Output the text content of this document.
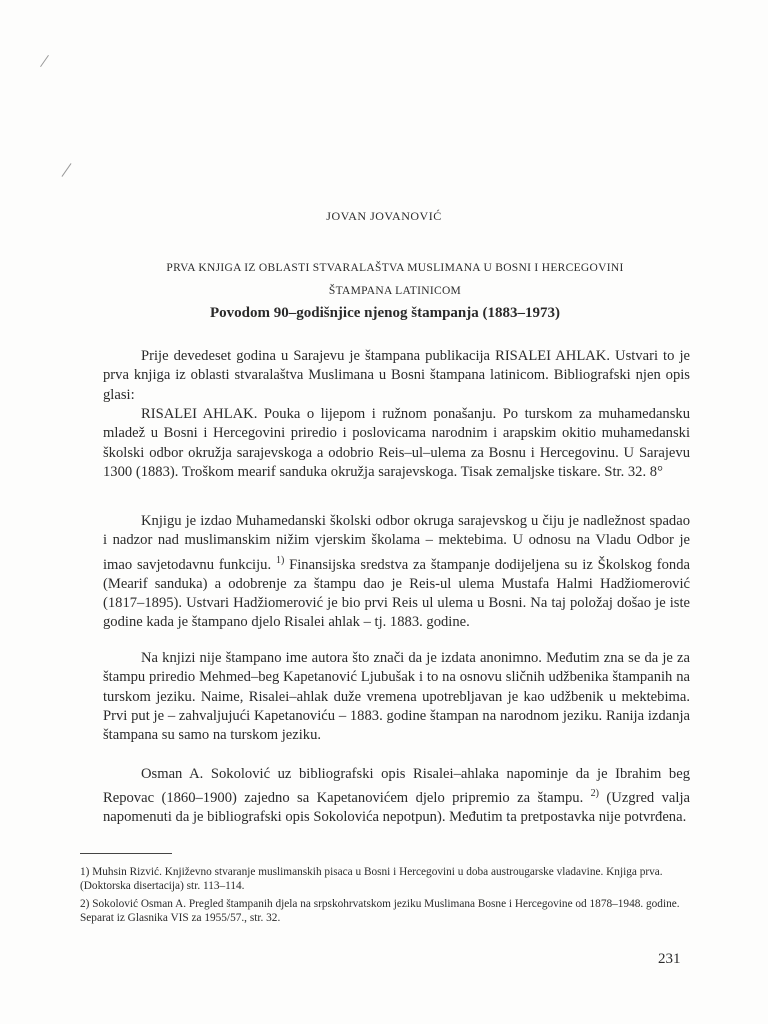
JOVAN JOVANOVIĆ
PRVA KNJIGA IZ OBLASTI STVARALAŠTVA MUSLIMANA U BOSNI I HERCEGOVINI
ŠTAMPANA LATINICOM
Povodom 90–godišnjice njenog štampanja (1883–1973)

Prije devedeset godina u Sarajevu je štampana publikacija RISALEI AHLAK. Ustvari to je prva knjiga iz oblasti stvaralaštva Muslimana u Bosni štampana latinicom. Bibliografski njen opis glasi:

RISALEI AHLAK. Pouka o lijepom i ružnom ponašanju. Po turskom za muhamedansku mladež u Bosni i Hercegovini priredio i poslovicama narodnim i arapskim okitio muhamedanski školski odbor okružja sarajevskoga a odobrio Reis–ul–ulema za Bosnu i Hercegovinu. U Sarajevu 1300 (1883). Troškom mearif sanduka okružja sarajevskoga. Tisak zemaljske tiskare. Str. 32. 8°

Knjigu je izdao Muhamedanski školski odbor okruga sarajevskog u čiju je nadležnost spadao i nadzor nad muslimanskim nižim vjerskim školama – mektebima. U odnosu na Vladu Odbor je imao savjetodavnu funkciju. $^{1)}$ Finansijska sredstva za štampanje dodijeljena su iz Školskog fonda (Mearif sanduka) a odobrenje za štampu dao je Reis-ul ulema Mustafa Halmi Hadžiomerović (1817–1895). Ustvari Hadžiomerović je bio prvi Reis ul ulema u Bosni. Na taj položaj došao je iste godine kada je štampano djelo Risalei ahlak – tj. 1883. godine.

Na knjizi nije štampano ime autora što znači da je izdata anonimno. Međutim zna se da je za štampu priredio Mehmed–beg Kapetanović Ljubušak i to na osnovu sličnih udžbenika štampanih na turskom jeziku. Naime, Risalei–ahlak duže vremena upotrebljavan je kao udžbenik u mektebima. Prvi put je – zahvaljujući Kapetanoviću – 1883. godine štampan na narodnom jeziku. Ranija izdanja štampana su samo na turskom jeziku.

Osman A. Sokolović uz bibliografski opis Risalei–ahlaka napominje da je Ibrahim beg Repovac (1860–1900) zajedno sa Kapetanovićem djelo pripremio za štampu. $^{2)}$ (Uzgred valja napomenuti da je bibliografski opis Sokolovića nepotpun). Međutim ta pretpostavka nije potvrđena.

1) Muhsin Rizvić. Književno stvaranje muslimanskih pisaca u Bosni i Hercegovini u doba austrougarske vladavine. Knjiga prva. (Doktorska disertacija) str. 113–114.

2) Sokolović Osman A. Pregled štampanih djela na srpskohrvatskom jeziku Muslimana Bosne i Hercegovine od 1878–1948. godine. Separat iz Glasnika VIS za 1955/57., str. 32.

231
